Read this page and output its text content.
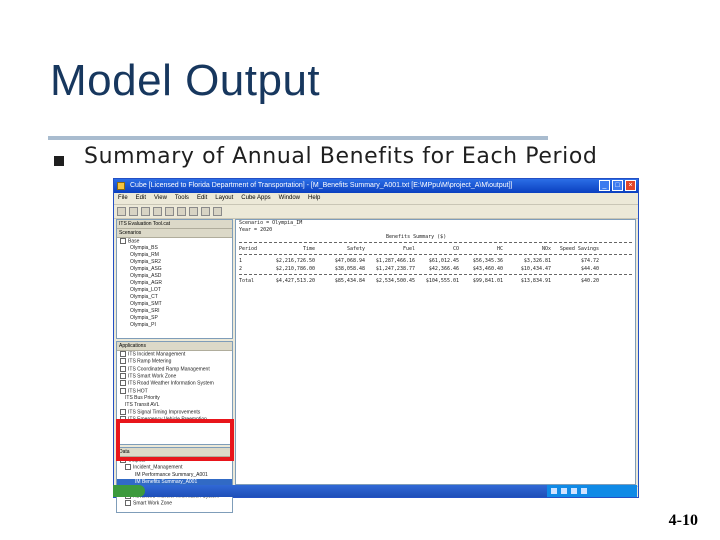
Model Output
Summary of Annual Benefits for Each Period
Cube [Licensed to Florida Department of Transportation] - [M_Benefits Summary_A001.txt [E:\MPpu\M\project_A\M\output]]	_	□	×
File Edit View Tools Edit Layout Cube Apps Window Help
ITS Evaluation Tool.cat
Scenarios
Base
Olympia_BS
Olympia_RM
Olympia_SR2
Olympia_ASG
Olympia_ASD
Olympia_AGR
Olympia_LOT
Olympia_CT
Olympia_SMT
Olympia_SRI
Olympia_SP
Olympia_PI
Applications
ITS Incident Management
ITS Ramp Metering
ITS Coordinated Ramp Management
ITS Smart Work Zone
ITS Road Weather Information System
ITS HOT
ITS Bus Priority
ITS Transit AVL
ITS Signal Timing Improvements
ITS Emergency Vehicle Preemption
Data
Outputs
Incident_Management
IM Performance Summary_A001
IM Benefits Summary_A001
Smart Work Zone
Scenario = Olympia_IM
Year = 2020
Benefits Summary ($)
Period	Time	Safety	Fuel	CO	HC	NOx	Speed Savings
1	$2,216,726.50	$47,068.94	$1,287,466.16	$61,012.45	$56,345.36	$3,326.81	$74.72
2	$2,210,786.00	$38,058.48	$1,247,238.77	$42,366.46	$43,460.40	$10,434.47	$44.40
Total	$4,427,513.20	$85,434.84	$2,534,500.45	$104,555.01	$99,841.01	$13,834.91	$40.20
4-10
